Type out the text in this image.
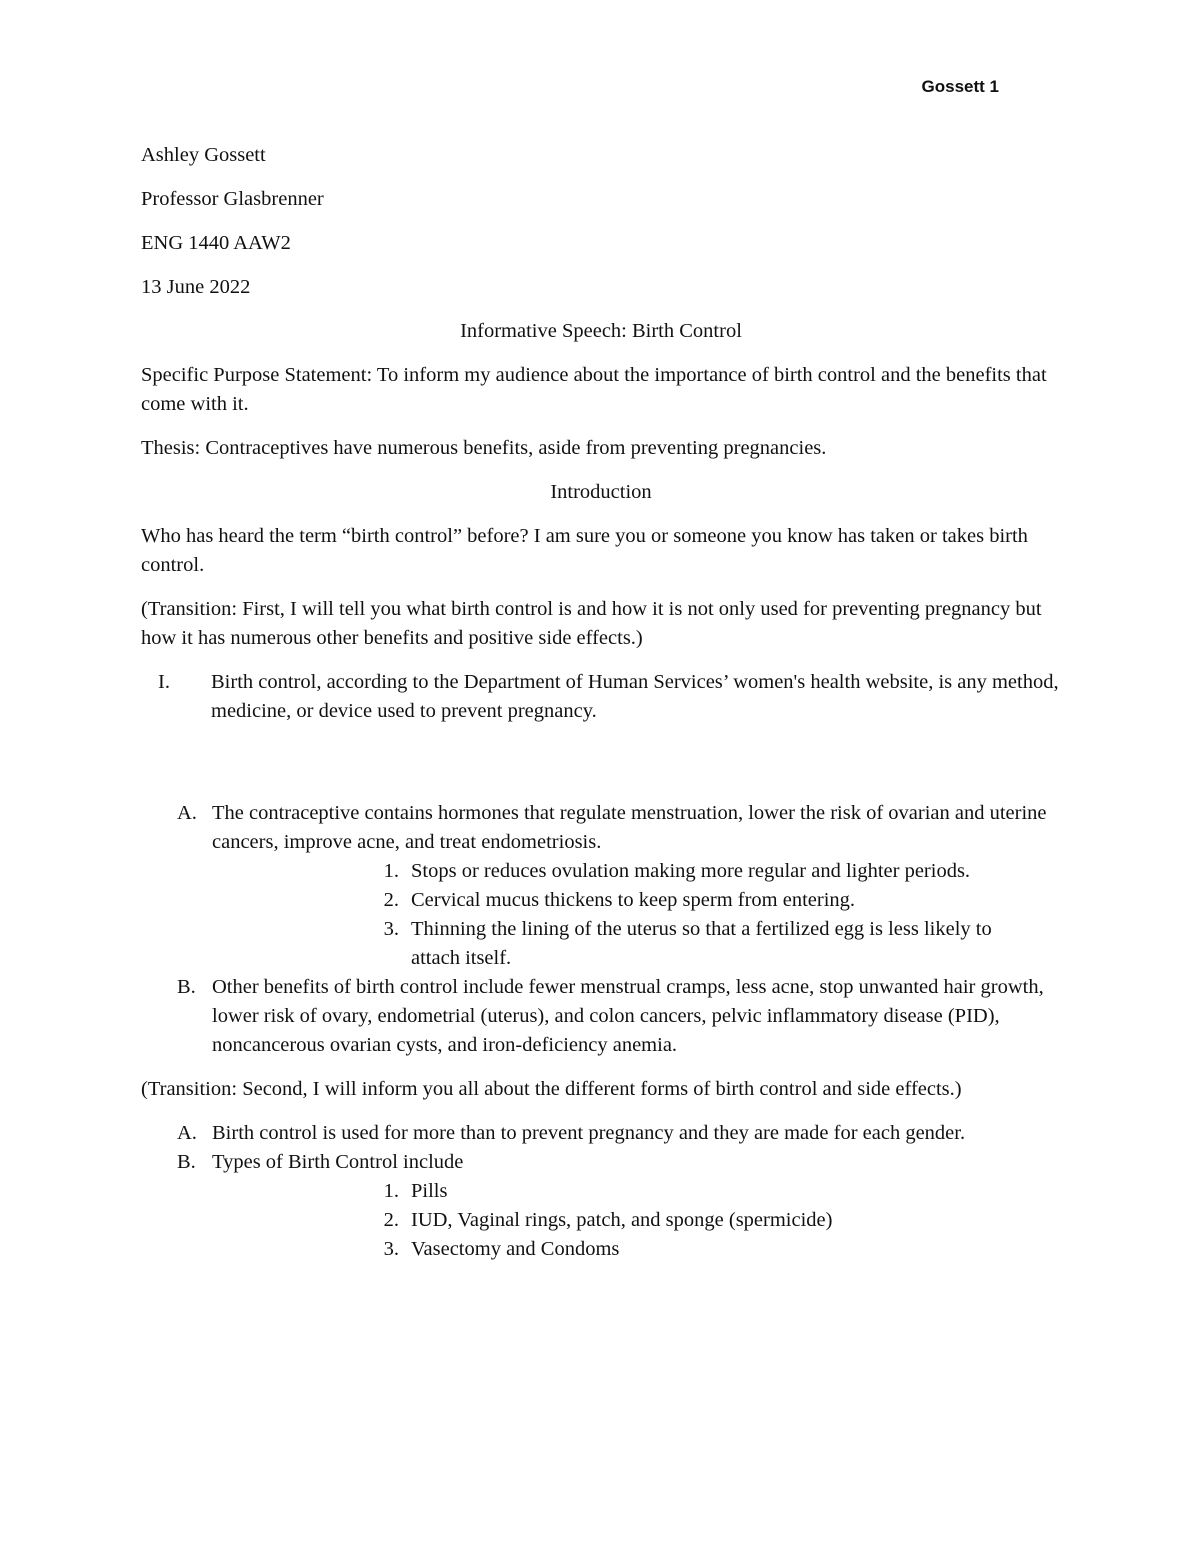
Gossett 1
Ashley Gossett
Professor Glasbrenner
ENG 1440 AAW2
13 June 2022
Informative Speech: Birth Control
Specific Purpose Statement: To inform my audience about the importance of birth control and the benefits that come with it.
Thesis: Contraceptives have numerous benefits, aside from preventing pregnancies.
Introduction
Who has heard the term “birth control” before? I am sure you or someone you know has taken or takes birth control.
(Transition: First, I will tell you what birth control is and how it is not only used for preventing pregnancy but how it has numerous other benefits and positive side effects.)
I.	Birth control, according to the Department of Human Services’ women's health website, is any method, medicine, or device used to prevent pregnancy.
A. The contraceptive contains hormones that regulate menstruation, lower the risk of ovarian and uterine cancers, improve acne, and treat endometriosis.
1. Stops or reduces ovulation making more regular and lighter periods.
2. Cervical mucus thickens to keep sperm from entering.
3. Thinning the lining of the uterus so that a fertilized egg is less likely to attach itself.
B. Other benefits of birth control include fewer menstrual cramps, less acne, stop unwanted hair growth, lower risk of ovary, endometrial (uterus), and colon cancers, pelvic inflammatory disease (PID), noncancerous ovarian cysts, and iron-deficiency anemia.
(Transition: Second, I will inform you all about the different forms of birth control and side effects.)
A. Birth control is used for more than to prevent pregnancy and they are made for each gender.
B. Types of Birth Control include
1. Pills
2. IUD, Vaginal rings, patch, and sponge (spermicide)
3. Vasectomy and Condoms
